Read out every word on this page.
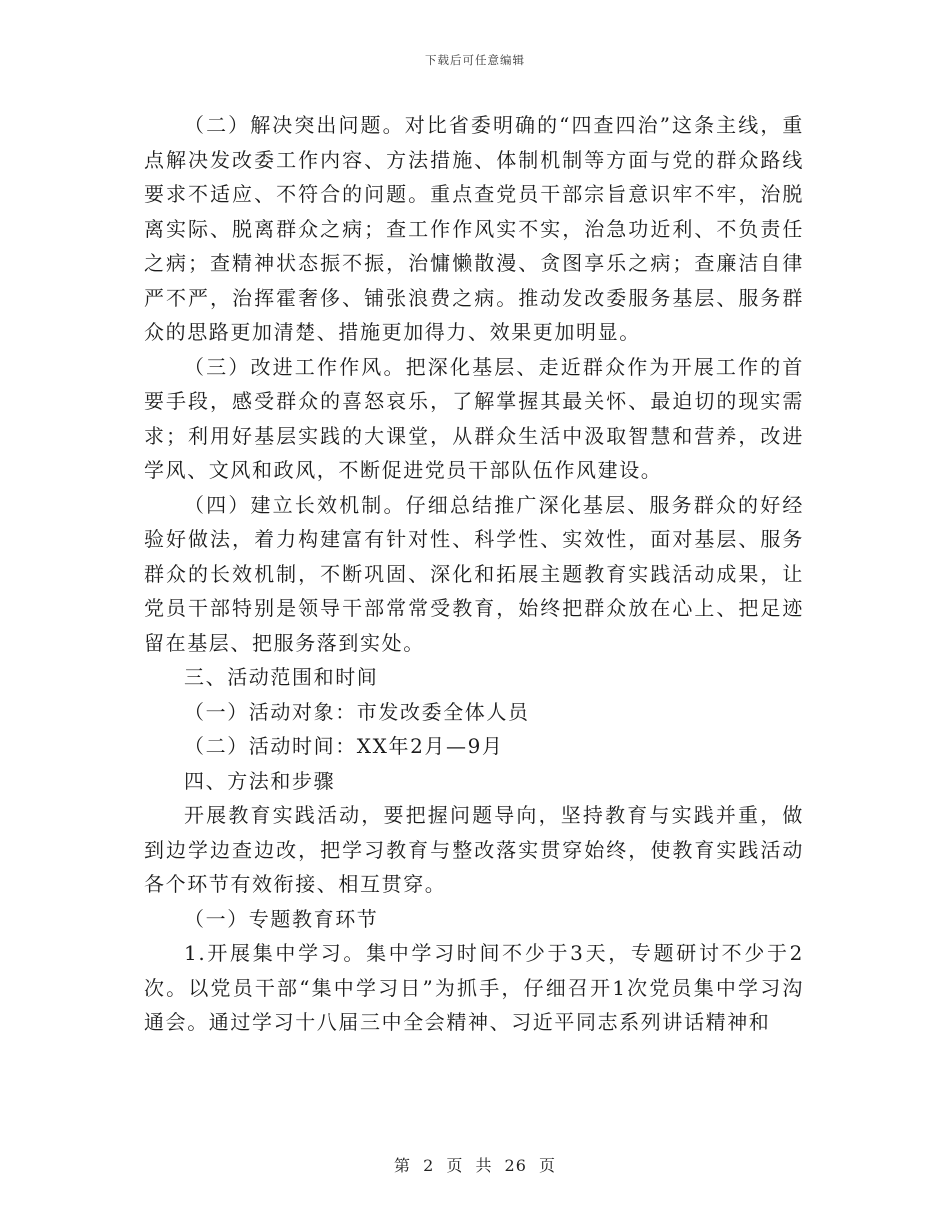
下载后可任意编辑

（二）解决突出问题。对比省委明确的“四查四治”这条主线，重点解决发改委工作内容、方法措施、体制机制等方面与党的群众路线要求不适应、不符合的问题。重点查党员干部宗旨意识牢不牢，治脱离实际、脱离群众之病；查工作作风实不实，治急功近利、不负责任之病；查精神状态振不振，治慵懒散漫、贪图享乐之病；查廉洁自律严不严，治挥霍奢侈、铺张浪费之病。推动发改委服务基层、服务群众的思路更加清楚、措施更加得力、效果更加明显。

（三）改进工作作风。把深化基层、走近群众作为开展工作的首要手段，感受群众的喜怒哀乐，了解掌握其最关怀、最迫切的现实需求；利用好基层实践的大课堂，从群众生活中汲取智慧和营养，改进学风、文风和政风，不断促进党员干部队伍作风建设。

（四）建立长效机制。仔细总结推广深化基层、服务群众的好经验好做法，着力构建富有针对性、科学性、实效性，面对基层、服务群众的长效机制，不断巩固、深化和拓展主题教育实践活动成果，让党员干部特别是领导干部常常受教育，始终把群众放在心上、把足迹留在基层、把服务落到实处。

三、活动范围和时间

（一）活动对象：市发改委全体人员

（二）活动时间：XX年2月—9月

四、方法和步骤

开展教育实践活动，要把握问题导向，坚持教育与实践并重，做到边学边查边改，把学习教育与整改落实贯穿始终，使教育实践活动各个环节有效衔接、相互贯穿。

（一）专题教育环节

1.开展集中学习。集中学习时间不少于3天，专题研讨不少于2次。以党员干部“集中学习日”为抓手，仔细召开1次党员集中学习沟通会。通过学习十八届三中全会精神、习近平同志系列讲话精神和

第 2 页 共 26 页
